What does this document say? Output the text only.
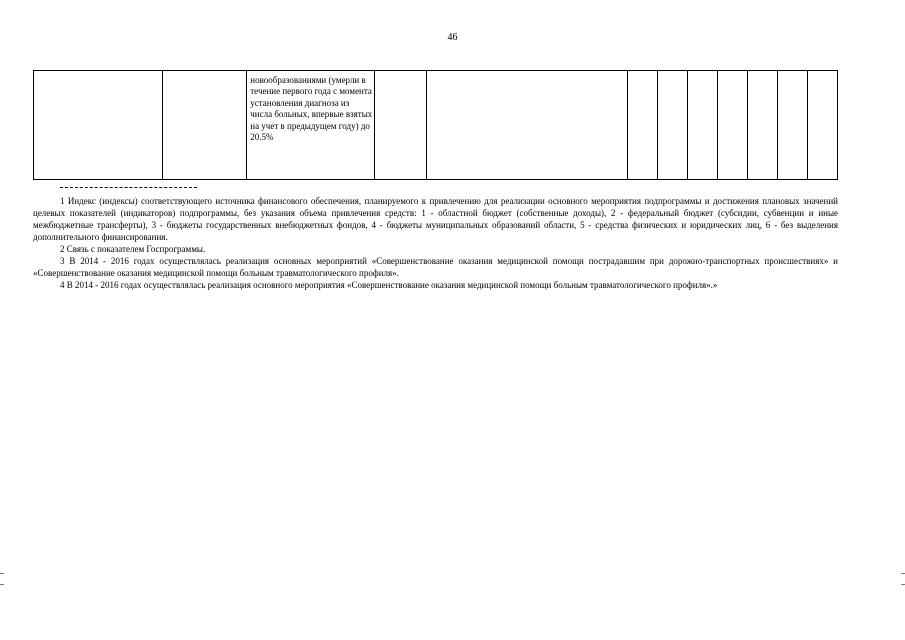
46

новообразованиями (умерли в течение первого года с момента установления диагноза из числа больных, впервые взятых на учет в предыдущем году) до 20.5%

1 Индекс (индексы) соответствующего источника финансового обеспечения, планируемого к привлечению для реализации основного мероприятия подпрограммы и достижения плановых значений целевых показателей (индикаторов) подпрограммы, без указания объема привлечения средств: 1 - областной бюджет (собственные доходы), 2 - федеральный бюджет (субсидии, субвенции и иные межбюджетные трансферты), 3 - бюджеты государственных внебюджетных фондов, 4 - бюджеты муниципальных образований области, 5 - средства физических и юридических лиц, 6 - без выделения дополнительного финансирования.

2 Связь с показателем Госпрограммы.

3 В 2014 - 2016 годах осуществлялась реализация основных мероприятий «Совершенствование оказания медицинской помощи пострадавшим при дорожно-транспортных происшествиях» и «Совершенствование оказания медицинской помощи больным травматологического профиля».

4 В 2014 - 2016 годах осуществлялась реализация основного мероприятия «Совершенствование оказания медицинской помощи больным травматологического профиля».»
